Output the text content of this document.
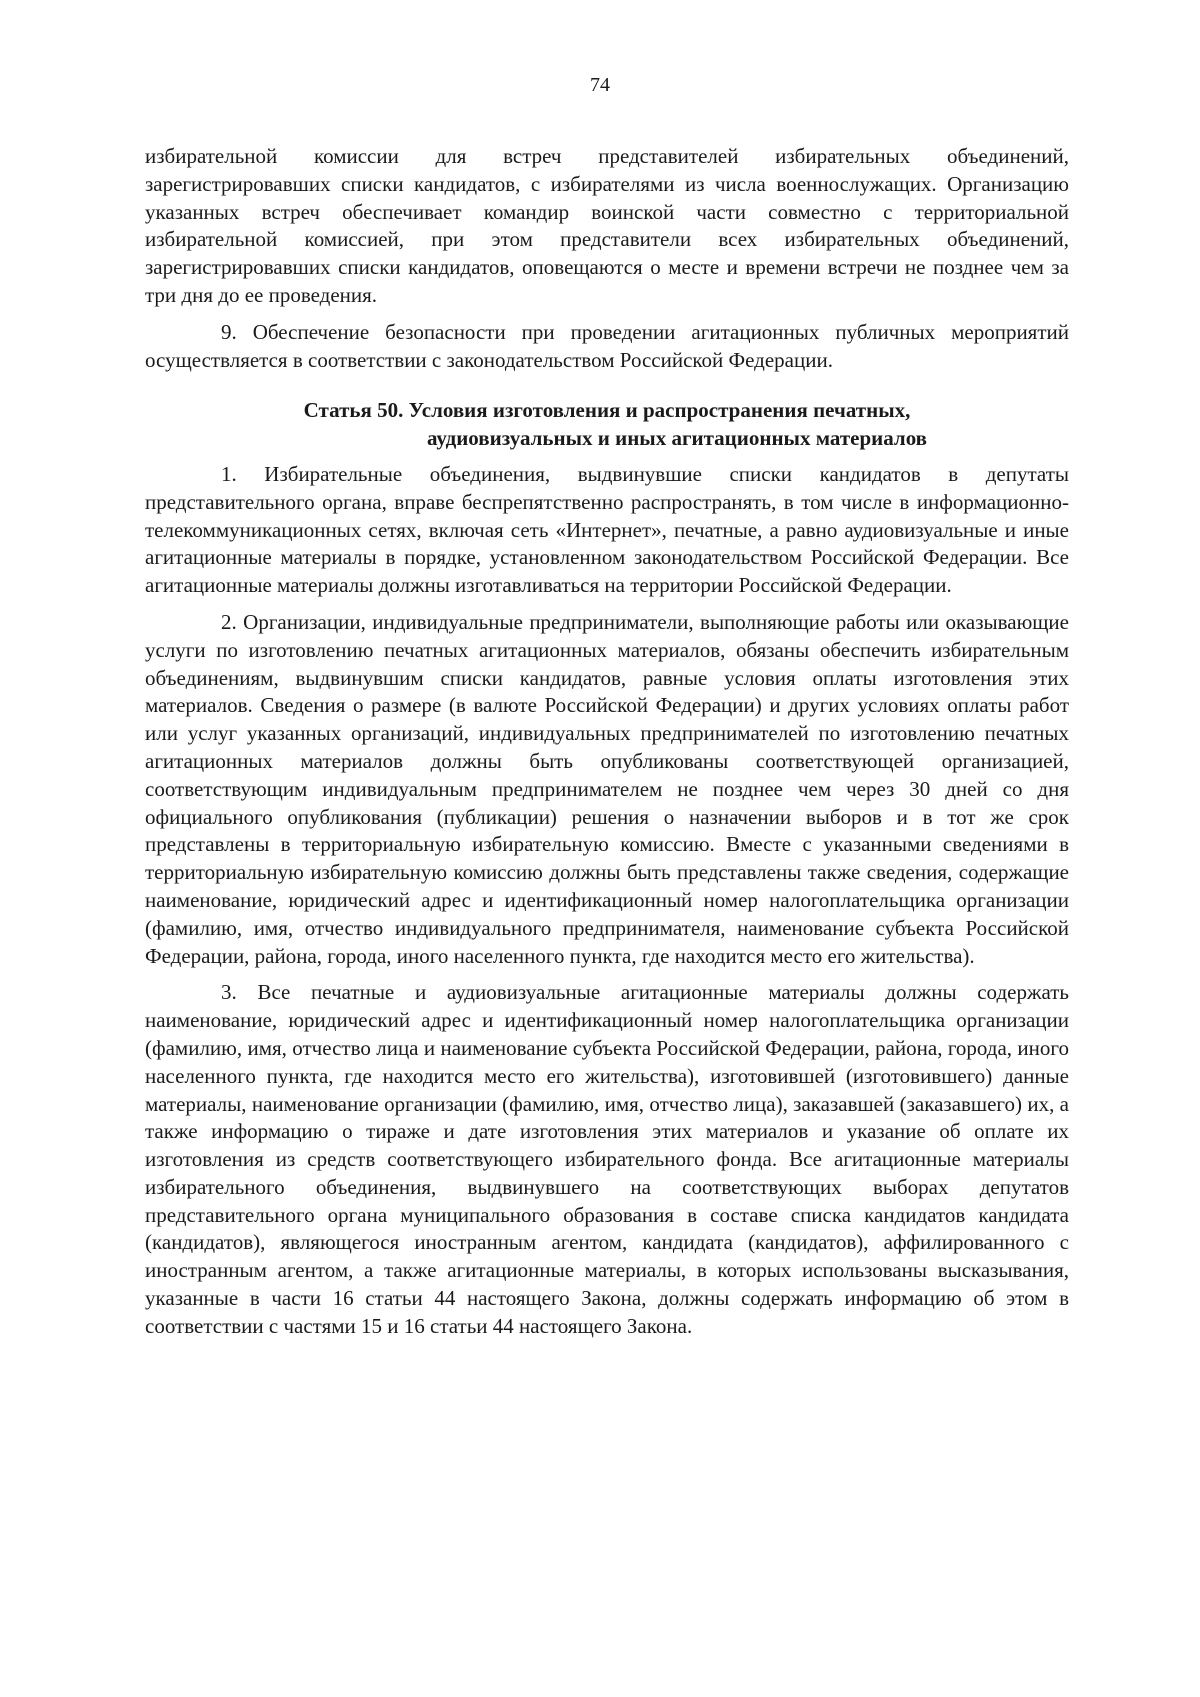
74

избирательной комиссии для встреч представителей избирательных объединений, зарегистрировавших списки кандидатов, с избирателями из числа военнослужащих. Организацию указанных встреч обеспечивает командир воинской части совместно с территориальной избирательной комиссией, при этом представители всех избирательных объединений, зарегистрировавших списки кандидатов, оповещаются о месте и времени встречи не позднее чем за три дня до ее проведения.

9. Обеспечение безопасности при проведении агитационных публичных мероприятий осуществляется в соответствии с законодательством Российской Федерации.

Статья 50. Условия изготовления и распространения печатных,
аудиовизуальных и иных агитационных материалов

1. Избирательные объединения, выдвинувшие списки кандидатов в депутаты представительного органа, вправе беспрепятственно распространять, в том числе в информационно-телекоммуникационных сетях, включая сеть «Интернет», печатные, а равно аудиовизуальные и иные агитационные материалы в порядке, установленном законодательством Российской Федерации. Все агитационные материалы должны изготавливаться на территории Российской Федерации.

2. Организации, индивидуальные предприниматели, выполняющие работы или оказывающие услуги по изготовлению печатных агитационных материалов, обязаны обеспечить избирательным объединениям, выдвинувшим списки кандидатов, равные условия оплаты изготовления этих материалов. Сведения о размере (в валюте Российской Федерации) и других условиях оплаты работ или услуг указанных организаций, индивидуальных предпринимателей по изготовлению печатных агитационных материалов должны быть опубликованы соответствующей организацией, соответствующим индивидуальным предпринимателем не позднее чем через 30 дней со дня официального опубликования (публикации) решения о назначении выборов и в тот же срок представлены в территориальную избирательную комиссию. Вместе с указанными сведениями в территориальную избирательную комиссию должны быть представлены также сведения, содержащие наименование, юридический адрес и идентификационный номер налогоплательщика организации (фамилию, имя, отчество индивидуального предпринимателя, наименование субъекта Российской Федерации, района, города, иного населенного пункта, где находится место его жительства).

3. Все печатные и аудиовизуальные агитационные материалы должны содержать наименование, юридический адрес и идентификационный номер налогоплательщика организации (фамилию, имя, отчество лица и наименование субъекта Российской Федерации, района, города, иного населенного пункта, где находится место его жительства), изготовившей (изготовившего) данные материалы, наименование организации (фамилию, имя, отчество лица), заказавшей (заказавшего) их, а также информацию о тираже и дате изготовления этих материалов и указание об оплате их изготовления из средств соответствующего избирательного фонда. Все агитационные материалы избирательного объединения, выдвинувшего на соответствующих выборах депутатов представительного органа муниципального образования в составе списка кандидатов кандидата (кандидатов), являющегося иностранным агентом, кандидата (кандидатов), аффилированного с иностранным агентом, а также агитационные материалы, в которых использованы высказывания, указанные в части 16 статьи 44 настоящего Закона, должны содержать информацию об этом в соответствии с частями 15 и 16 статьи 44 настоящего Закона.
